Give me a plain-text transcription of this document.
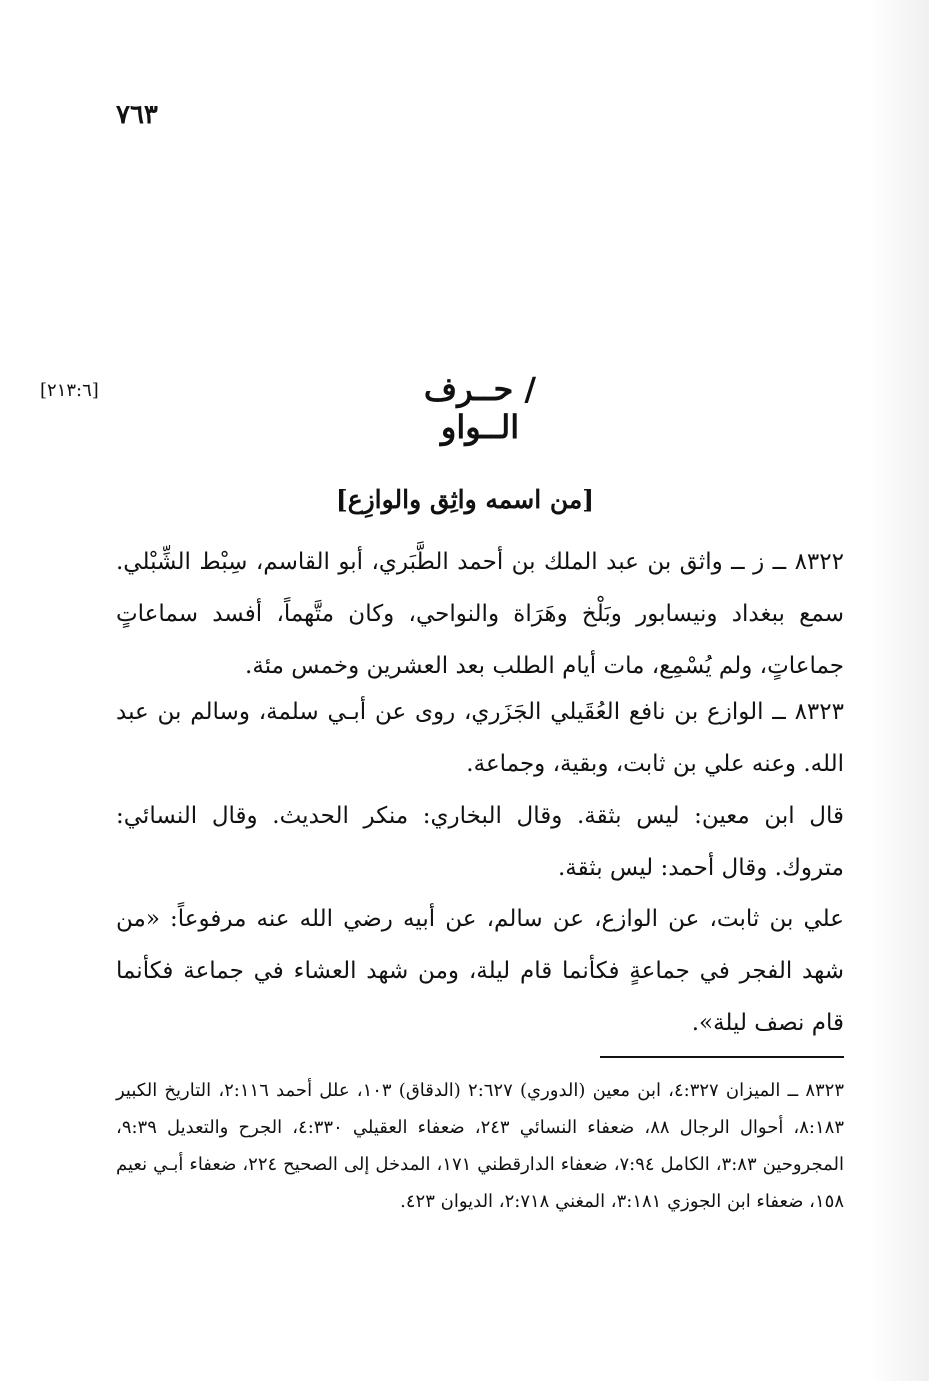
٣٦٧
/ حــرف الــواو
[٢١٣:٦]
[من اسمه واثِق والوازِع]

٨٣٢٢ ــ ز ــ واثق بن عبد الملك بن أحمد الطَّبَري، أبو القاسم، سِبْط الشِّبْلي. سمع ببغداد ونيسابور وبَلْخ وهَرَاة والنواحي، وكان متَّهماً، أفسد سماعاتٍ جماعاتٍ، ولم يُسْمِع، مات أيام الطلب بعد العشرين وخمس مئة.

٨٣٢٣ ــ الوازع بن نافع العُقَيلي الجَزَري، روى عن أبـي سلمة، وسالم بن عبد الله. وعنه علي بن ثابت، وبقية، وجماعة.

قال ابن معين: ليس بثقة. وقال البخاري: منكر الحديث. وقال النسائي: متروك. وقال أحمد: ليس بثقة.

علي بن ثابت، عن الوازع، عن سالم، عن أبيه رضي الله عنه مرفوعاً: «من شهد الفجر في جماعةٍ فكأنما قام ليلة، ومن شهد العشاء في جماعة فكأنما قام نصف ليلة».

٨٣٢٣ ــ الميزان ٤:٣٢٧، ابن معين (الدوري) ٢:٦٢٧ (الدقاق) ١٠٣، علل أحمد ٢:١١٦، التاريخ الكبير ٨:١٨٣، أحوال الرجال ٨٨، ضعفاء النسائي ٢٤٣، ضعفاء العقيلي ٤:٣٣٠، الجرح والتعديل ٩:٣٩، المجروحين ٣:٨٣، الكامل ٧:٩٤، ضعفاء الدارقطني ١٧١، المدخل إلى الصحيح ٢٢٤، ضعفاء أبـي نعيم ١٥٨، ضعفاء ابن الجوزي ٣:١٨١، المغني ٢:٧١٨، الديوان ٤٢٣.
